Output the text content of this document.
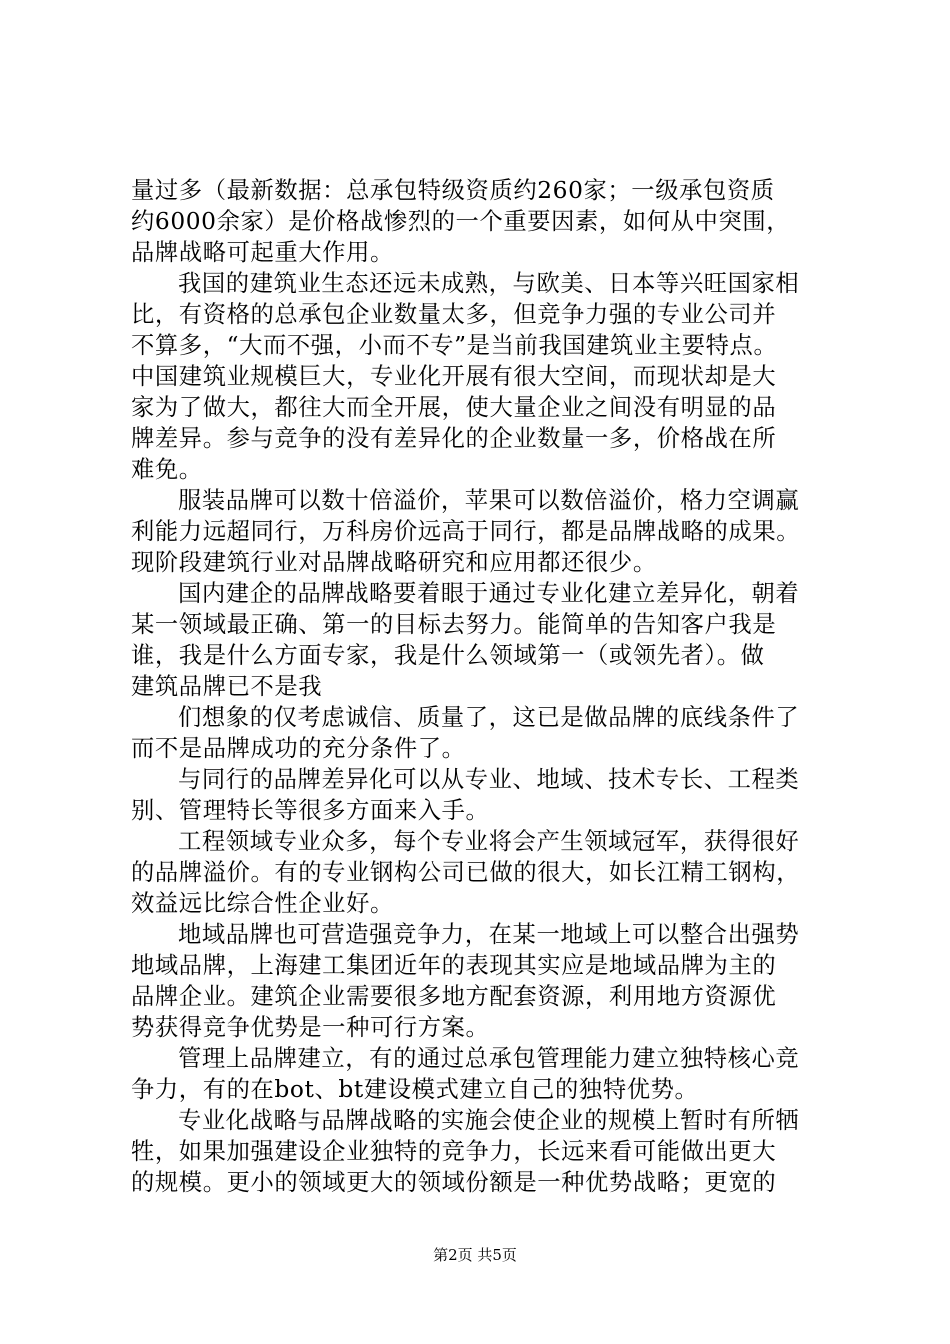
量过多（最新数据：总承包特级资质约260家；一级承包资质
约6000余家）是价格战惨烈的一个重要因素，如何从中突围，
品牌战略可起重大作用。
我国的建筑业生态还远未成熟，与欧美、日本等兴旺国家相
比，有资格的总承包企业数量太多，但竞争力强的专业公司并
不算多，“大而不强，小而不专”是当前我国建筑业主要特点。
中国建筑业规模巨大，专业化开展有很大空间，而现状却是大
家为了做大，都往大而全开展，使大量企业之间没有明显的品
牌差异。参与竞争的没有差异化的企业数量一多，价格战在所
难免。
服装品牌可以数十倍溢价，苹果可以数倍溢价，格力空调赢
利能力远超同行，万科房价远高于同行，都是品牌战略的成果。
现阶段建筑行业对品牌战略研究和应用都还很少。
国内建企的品牌战略要着眼于通过专业化建立差异化，朝着
某一领域最正确、第一的目标去努力。能简单的告知客户我是
谁，我是什么方面专家，我是什么领域第一（或领先者）。做
建筑品牌已不是我
们想象的仅考虑诚信、质量了，这已是做品牌的底线条件了
而不是品牌成功的充分条件了。
与同行的品牌差异化可以从专业、地域、技术专长、工程类
别、管理特长等很多方面来入手。
工程领域专业众多，每个专业将会产生领域冠军，获得很好
的品牌溢价。有的专业钢构公司已做的很大，如长江精工钢构，
效益远比综合性企业好。
地域品牌也可营造强竞争力，在某一地域上可以整合出强势
地域品牌，上海建工集团近年的表现其实应是地域品牌为主的
品牌企业。建筑企业需要很多地方配套资源，利用地方资源优
势获得竞争优势是一种可行方案。
管理上品牌建立，有的通过总承包管理能力建立独特核心竞
争力，有的在bot、bt建设模式建立自己的独特优势。
专业化战略与品牌战略的实施会使企业的规模上暂时有所牺
牲，如果加强建设企业独特的竞争力，长远来看可能做出更大
的规模。更小的领域更大的领域份额是一种优势战略；更宽的
第2页 共5页
